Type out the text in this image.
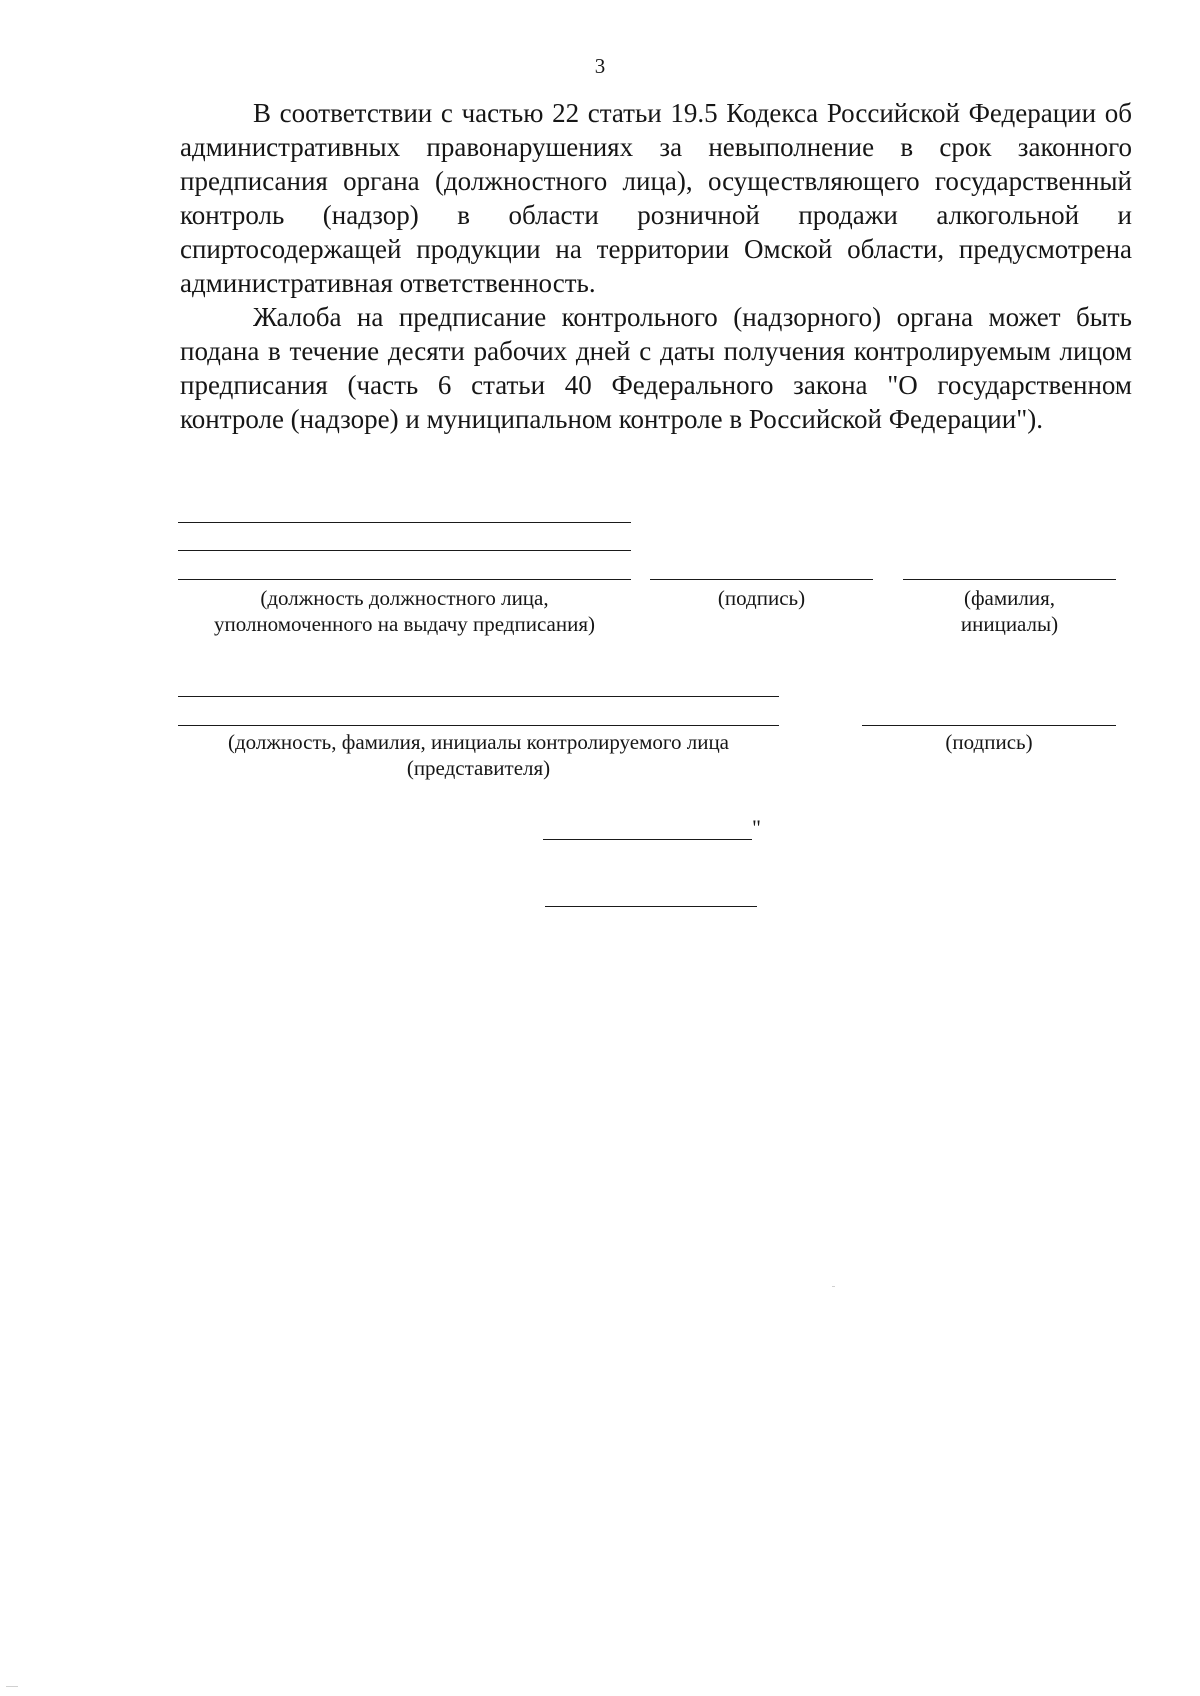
3

В соответствии с частью 22 статьи 19.5 Кодекса Российской Федерации об административных правонарушениях за невыполнение в срок законного предписания органа (должностного лица), осуществляющего государственный контроль (надзор) в области розничной продажи алкогольной и спиртосодержащей продукции на территории Омской области, предусмотрена административная ответственность.

Жалоба на предписание контрольного (надзорного) органа может быть подана в течение десяти рабочих дней с даты получения контролируемым лицом предписания (часть 6 статьи 40 Федерального закона "О государственном контроле (надзоре) и муниципальном контроле в Российской Федерации").

(должность должностного лица,
уполномоченного на выдачу предписания)
(подпись)	(фамилия,
инициалы)
(должность, фамилия, инициалы контролируемого лица
(представителя)
(подпись)
"
